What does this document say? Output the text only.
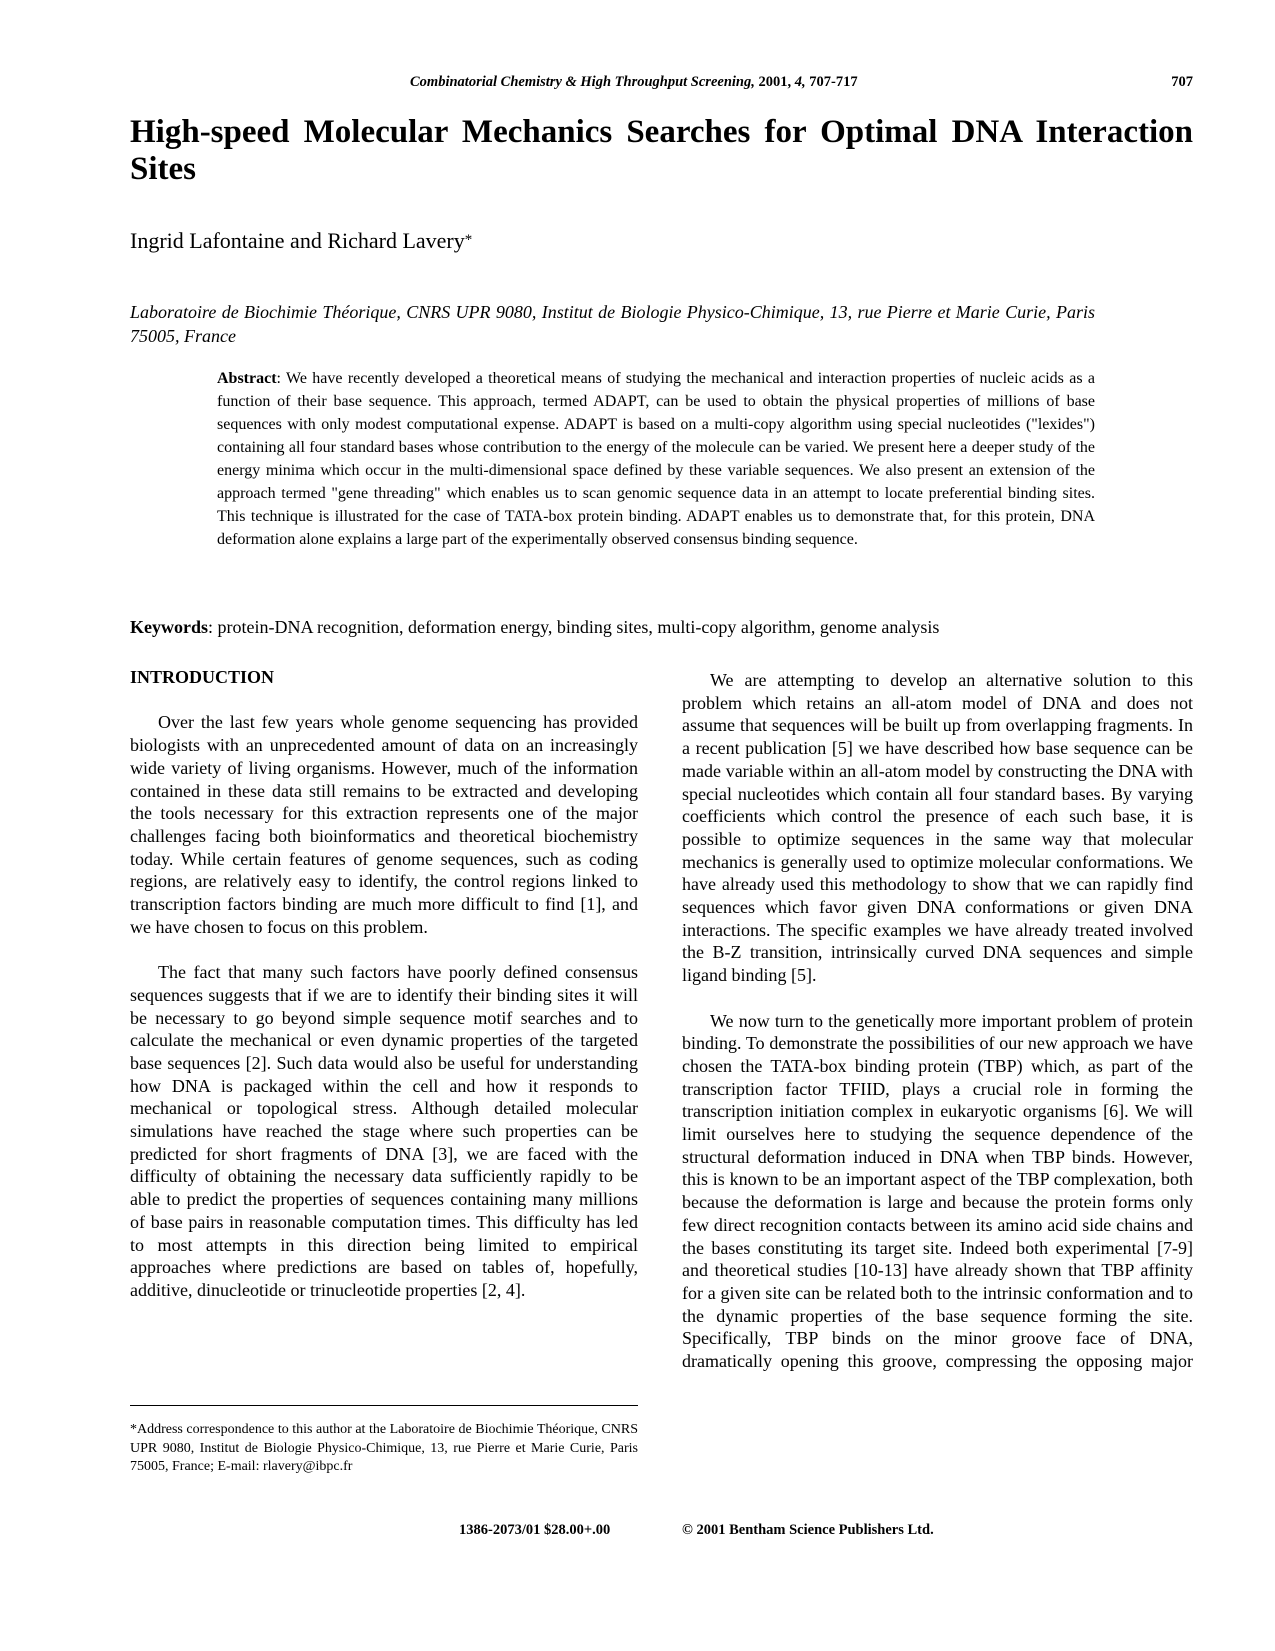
Combinatorial Chemistry & High Throughput Screening, 2001, 4, 707-717	707
High-speed Molecular Mechanics Searches for Optimal DNA Interaction Sites
Ingrid Lafontaine and Richard Lavery*
Laboratoire de Biochimie Théorique, CNRS UPR 9080, Institut de Biologie Physico-Chimique, 13, rue Pierre et Marie Curie, Paris 75005, France

Abstract: We have recently developed a theoretical means of studying the mechanical and interaction properties of nucleic acids as a function of their base sequence. This approach, termed ADAPT, can be used to obtain the physical properties of millions of base sequences with only modest computational expense. ADAPT is based on a multi-copy algorithm using special nucleotides ("lexides") containing all four standard bases whose contribution to the energy of the molecule can be varied. We present here a deeper study of the energy minima which occur in the multi-dimensional space defined by these variable sequences. We also present an extension of the approach termed "gene threading" which enables us to scan genomic sequence data in an attempt to locate preferential binding sites. This technique is illustrated for the case of TATA-box protein binding. ADAPT enables us to demonstrate that, for this protein, DNA deformation alone explains a large part of the experimentally observed consensus binding sequence.

Keywords: protein-DNA recognition, deformation energy, binding sites, multi-copy algorithm, genome analysis
INTRODUCTION

Over the last few years whole genome sequencing has provided biologists with an unprecedented amount of data on an increasingly wide variety of living organisms. However, much of the information contained in these data still remains to be extracted and developing the tools necessary for this extraction represents one of the major challenges facing both bioinformatics and theoretical biochemistry today. While certain features of genome sequences, such as coding regions, are relatively easy to identify, the control regions linked to transcription factors binding are much more difficult to find [1], and we have chosen to focus on this problem.

The fact that many such factors have poorly defined consensus sequences suggests that if we are to identify their binding sites it will be necessary to go beyond simple sequence motif searches and to calculate the mechanical or even dynamic properties of the targeted base sequences [2]. Such data would also be useful for understanding how DNA is packaged within the cell and how it responds to mechanical or topological stress. Although detailed molecular simulations have reached the stage where such properties can be predicted for short fragments of DNA [3], we are faced with the difficulty of obtaining the necessary data sufficiently rapidly to be able to predict the properties of sequences containing many millions of base pairs in reasonable computation times. This difficulty has led to most attempts in this direction being limited to empirical approaches where predictions are based on tables of, hopefully, additive, dinucleotide or trinucleotide properties [2, 4].

We are attempting to develop an alternative solution to this problem which retains an all-atom model of DNA and does not assume that sequences will be built up from overlapping fragments. In a recent publication [5] we have described how base sequence can be made variable within an all-atom model by constructing the DNA with special nucleotides which contain all four standard bases. By varying coefficients which control the presence of each such base, it is possible to optimize sequences in the same way that molecular mechanics is generally used to optimize molecular conformations. We have already used this methodology to show that we can rapidly find sequences which favor given DNA conformations or given DNA interactions. The specific examples we have already treated involved the B-Z transition, intrinsically curved DNA sequences and simple ligand binding [5].

We now turn to the genetically more important problem of protein binding. To demonstrate the possibilities of our new approach we have chosen the TATA-box binding protein (TBP) which, as part of the transcription factor TFIID, plays a crucial role in forming the transcription initiation complex in eukaryotic organisms [6]. We will limit ourselves here to studying the sequence dependence of the structural deformation induced in DNA when TBP binds. However, this is known to be an important aspect of the TBP complexation, both because the deformation is large and because the protein forms only few direct recognition contacts between its amino acid side chains and the bases constituting its target site. Indeed both experimental [7-9] and theoretical studies [10-13] have already shown that TBP affinity for a given site can be related both to the intrinsic conformation and to the dynamic properties of the base sequence forming the site. Specifically, TBP binds on the minor groove face of DNA, dramatically opening this groove, compressing the opposing major

*Address correspondence to this author at the Laboratoire de Biochimie Théorique, CNRS UPR 9080, Institut de Biologie Physico-Chimique, 13, rue Pierre et Marie Curie, Paris 75005, France; E-mail: rlavery@ibpc.fr
1386-2073/01 $28.00+.00	© 2001 Bentham Science Publishers Ltd.
